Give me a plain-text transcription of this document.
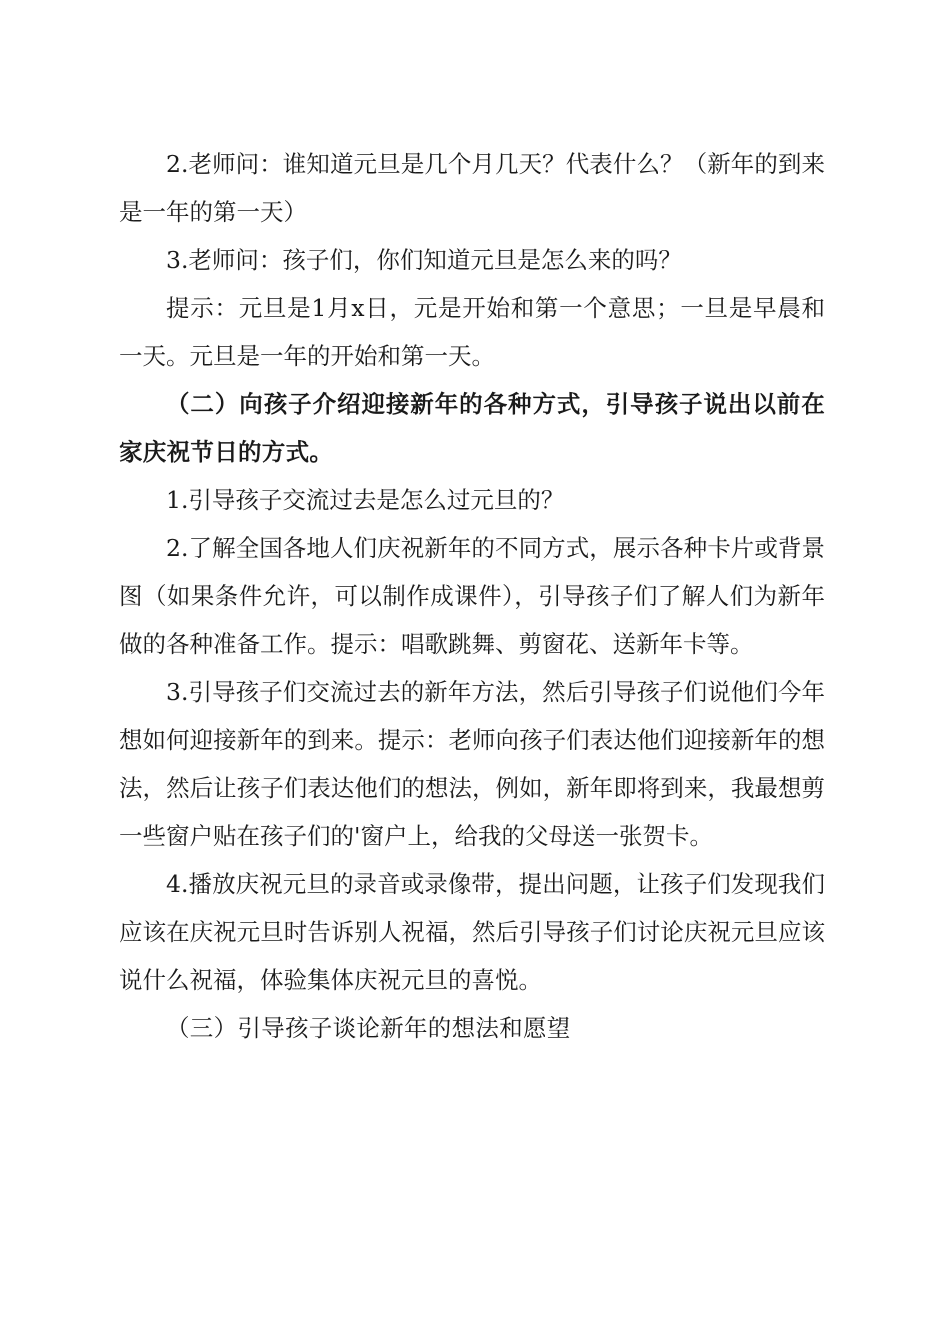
2.老师问：谁知道元旦是几个月几天？代表什么？（新年的到来是一年的第一天）

3.老师问：孩子们，你们知道元旦是怎么来的吗？

提示：元旦是1月x日，元是开始和第一个意思；一旦是早晨和一天。元旦是一年的开始和第一天。

（二）向孩子介绍迎接新年的各种方式，引导孩子说出以前在家庆祝节日的方式。

1.引导孩子交流过去是怎么过元旦的？

2.了解全国各地人们庆祝新年的不同方式，展示各种卡片或背景图（如果条件允许，可以制作成课件），引导孩子们了解人们为新年做的各种准备工作。提示：唱歌跳舞、剪窗花、送新年卡等。

3.引导孩子们交流过去的新年方法，然后引导孩子们说他们今年想如何迎接新年的到来。提示：老师向孩子们表达他们迎接新年的想法，然后让孩子们表达他们的想法，例如，新年即将到来，我最想剪一些窗户贴在孩子们的'窗户上，给我的父母送一张贺卡。

4.播放庆祝元旦的录音或录像带，提出问题，让孩子们发现我们应该在庆祝元旦时告诉别人祝福，然后引导孩子们讨论庆祝元旦应该说什么祝福，体验集体庆祝元旦的喜悦。

（三）引导孩子谈论新年的想法和愿望
